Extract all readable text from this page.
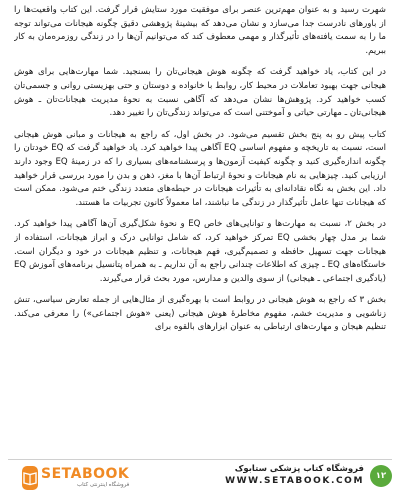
شهرت رسید و به عنوان مهم‌ترین عنصر برای موفقیت مورد ستایش قرار گرفت. این کتاب واقعیت‌ها را از باورهای نادرست جدا می‌سازد و نشان می‌دهد که بیشینهٔ پژوهشی دقیق چگونه هیجانات می‌تواند توجه ما را به سمت یافته‌های تأثیرگذار و مهمی معطوف کند که می‌توانیم آن‌ها را در زندگی روزمره‌مان به کار ببریم.

در این کتاب، یاد خواهید گرفت که چگونه هوش هیجانی‌تان را بسنجید. شما مهارت‌هایی برای هوش هیجانی جهت بهبود تعاملات در محیط کار، روابط با خانواده و دوستان و حتی بهزیستی روانی و جسمی‌تان کسب خواهید کرد. پژوهش‌ها نشان می‌دهد که آگاهی نسبت به نحوهٔ مدیریت هیجانات‌تان ـ هوش هیجانی‌تان ـ مهارتی حیاتی و آموختنی است که می‌تواند زندگی‌تان را تغییر دهد.

کتاب پیش رو به پنج بخش تقسیم می‌شود. در بخش اول، که راجع به هیجانات و مبانی هوش هیجانی است، نسبت به تاریخچه و مفهوم اساسی EQ آگاهی پیدا خواهید کرد. یاد خواهید گرفت که EQ خودتان را چگونه اندازه‌گیری کنید و چگونه کیفیت آزمون‌ها و پرسشنامه‌های بسیاری را که در زمینهٔ EQ وجود دارند ارزیابی کنید. چیزهایی به نام هیجانات و نحوهٔ ارتباط آن‌ها با مغز، ذهن و بدن را مورد بررسی قرار خواهید داد. این بخش به نگاه نقادانه‌ای به تأثیرات هیجانات در حیطه‌های متعدد زندگی ختم می‌شود. ممکن است که هیجانات تنها عامل تأثیرگذار در زندگی ما نباشند، اما معمولاً کانون تجربیات ما هستند.

در بخش ۲، نسبت به مهارت‌ها و توانایی‌های خاص EQ و نحوهٔ شکل‌گیری آن‌ها آگاهی پیدا خواهید کرد. شما بر مدل چهار بخشی EQ تمرکز خواهید کرد، که شامل توانایی درک و ابراز هیجانات، استفاده از هیجانات جهت تسهیل حافظه و تصمیم‌گیری، فهم هیجانات، و تنظیم هیجانات در خود و دیگران است. خاستگاه‌های EQ ـ چیزی که اطلاعات چندانی راجع به آن نداریم ـ به همراه پتانسیل برنامه‌های آموزش EQ (یادگیری اجتماعی ـ هیجانی) از سوی والدین و مدارس، مورد بحث قرار می‌گیرند.

بخش ۳ که راجع به هوش هیجانی در روابط است با بهره‌گیری از مثال‌هایی از جمله تعارض سیاسی، تنش زناشویی و مدیریت خشم، مفهوم مخاطرهٔ هوش هیجانی (یعنی «هوش اجتماعی») را معرفی می‌کند. تنظیم هیجان و مهارت‌های ارتباطی به عنوان ابزارهای بالقوه برای

SETABOOK
فروشگاه اینترنتی کتاب
فروشگاه کتاب پزشکی ستابوک
WWW.SETABOOK.COM
۱۲
